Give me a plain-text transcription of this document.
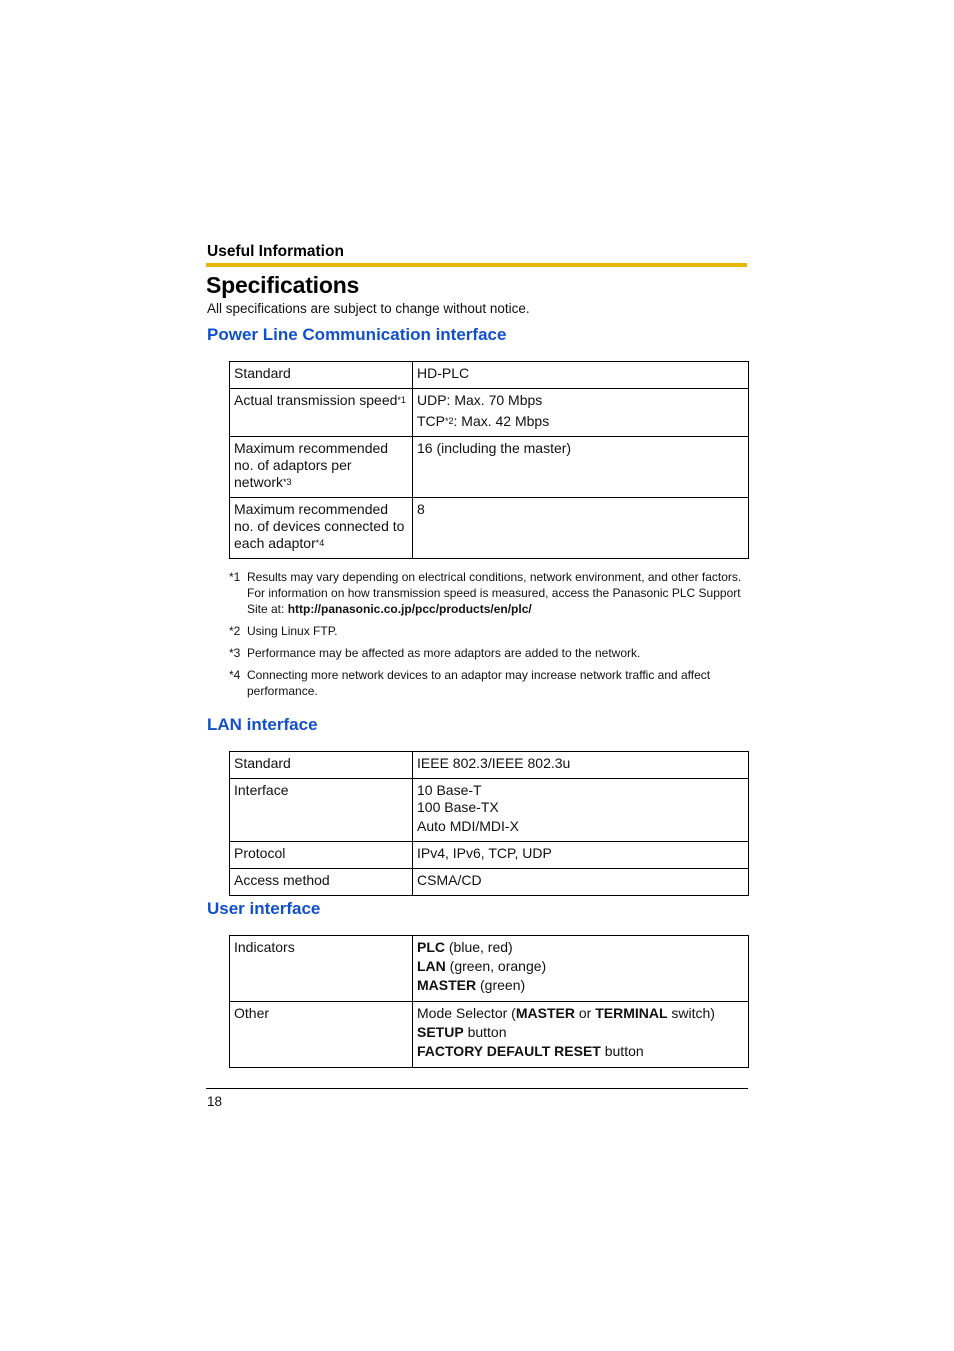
Useful Information
Specifications
All specifications are subject to change without notice.
Power Line Communication interface
Standard	HD-PLC
Actual transmission speed$^{*1}$	UDP: Max. 70 Mbps
TCP$^{*2}$: Max. 42 Mbps

Maximum recommended no. of adaptors per network$^{*3}$	16 (including the master)
Maximum recommended no. of devices connected to each adaptor$^{*4}$	8
*1 Results may vary depending on electrical conditions, network environment, and other factors. For information on how transmission speed is measured, access the Panasonic PLC Support Site at: http://panasonic.co.jp/pcc/products/en/plc/
*2 Using Linux FTP.
*3 Performance may be affected as more adaptors are added to the network.
*4 Connecting more network devices to an adaptor may increase network traffic and affect performance.
LAN interface
Standard	IEEE 802.3/IEEE 802.3u
Interface	10 Base-T
100 Base-TX
Auto MDI/MDI-X

Protocol	IPv4, IPv6, TCP, UDP
Access method	CSMA/CD
User interface
Indicators	PLC (blue, red)
LAN (green, orange)
MASTER (green)

Other	Mode Selector (MASTER or TERMINAL switch)
SETUP button
FACTORY DEFAULT RESET button
18
